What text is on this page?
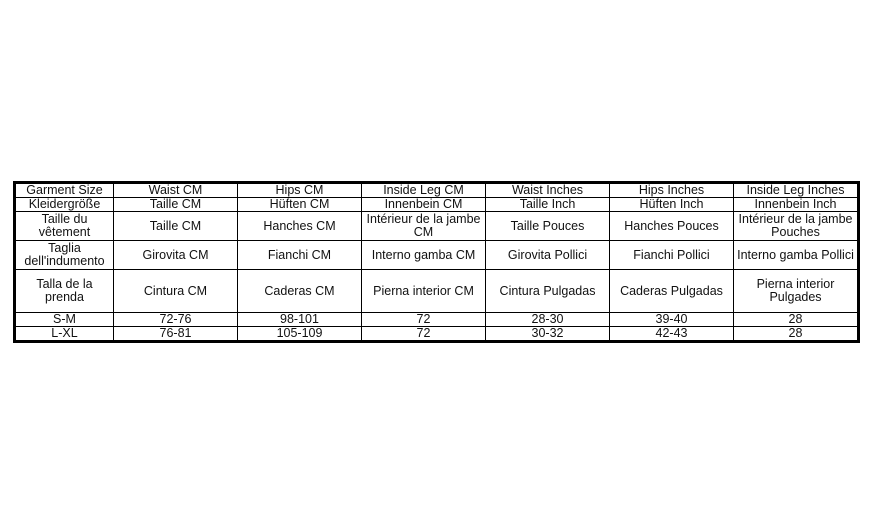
Garment Size	Waist CM	Hips CM	Inside Leg CM	Waist Inches	Hips Inches	Inside Leg Inches
Kleidergröße	Taille CM	Hüften CM	Innenbein CM	Taille Inch	Hüften Inch	Innenbein Inch
Taille du vêtement	Taille CM	Hanches CM	Intérieur de la jambe CM	Taille Pouces	Hanches Pouces	Intérieur de la jambe Pouches
Taglia dell'indumento	Girovita CM	Fianchi CM	Interno gamba CM	Girovita Pollici	Fianchi Pollici	Interno gamba Pollici
Talla de la prenda	Cintura CM	Caderas CM	Pierna interior CM	Cintura Pulgadas	Caderas Pulgadas	Pierna interior Pulgades
S-M	72-76	98-101	72	28-30	39-40	28
L-XL	76-81	105-109	72	30-32	42-43	28
